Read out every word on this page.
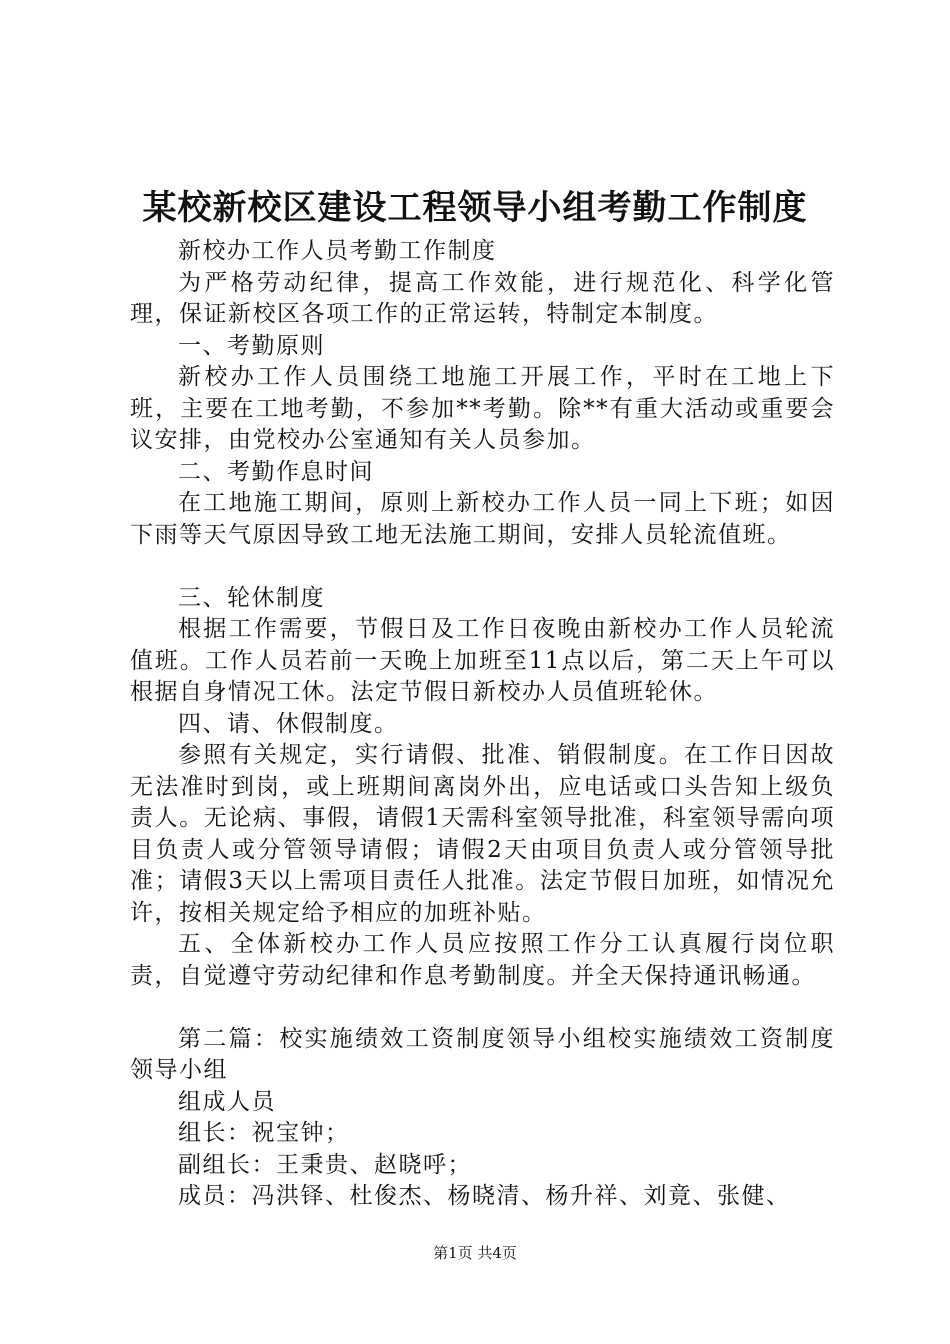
某校新校区建设工程领导小组考勤工作制度

新校办工作人员考勤工作制度

为严格劳动纪律，提高工作效能，进行规范化、科学化管理，保证新校区各项工作的正常运转，特制定本制度。

一、考勤原则

新校办工作人员围绕工地施工开展工作，平时在工地上下班，主要在工地考勤，不参加**考勤。除**有重大活动或重要会议安排，由党校办公室通知有关人员参加。

二、考勤作息时间

在工地施工期间，原则上新校办工作人员一同上下班；如因下雨等天气原因导致工地无法施工期间，安排人员轮流值班。

三、轮休制度

根据工作需要，节假日及工作日夜晚由新校办工作人员轮流值班。工作人员若前一天晚上加班至11点以后，第二天上午可以根据自身情况工休。法定节假日新校办人员值班轮休。

四、请、休假制度。

参照有关规定，实行请假、批准、销假制度。在工作日因故无法准时到岗，或上班期间离岗外出，应电话或口头告知上级负责人。无论病、事假，请假1天需科室领导批准，科室领导需向项目负责人或分管领导请假；请假2天由项目负责人或分管领导批准；请假3天以上需项目责任人批准。法定节假日加班，如情况允许，按相关规定给予相应的加班补贴。

五、全体新校办工作人员应按照工作分工认真履行岗位职责，自觉遵守劳动纪律和作息考勤制度。并全天保持通讯畅通。

第二篇：校实施绩效工资制度领导小组校实施绩效工资制度领导小组

组成人员

组长：祝宝钟；

副组长：王秉贵、赵晓呼；

成员：冯洪铎、杜俊杰、杨晓清、杨升祥、刘竟、张健、

第1页 共4页
